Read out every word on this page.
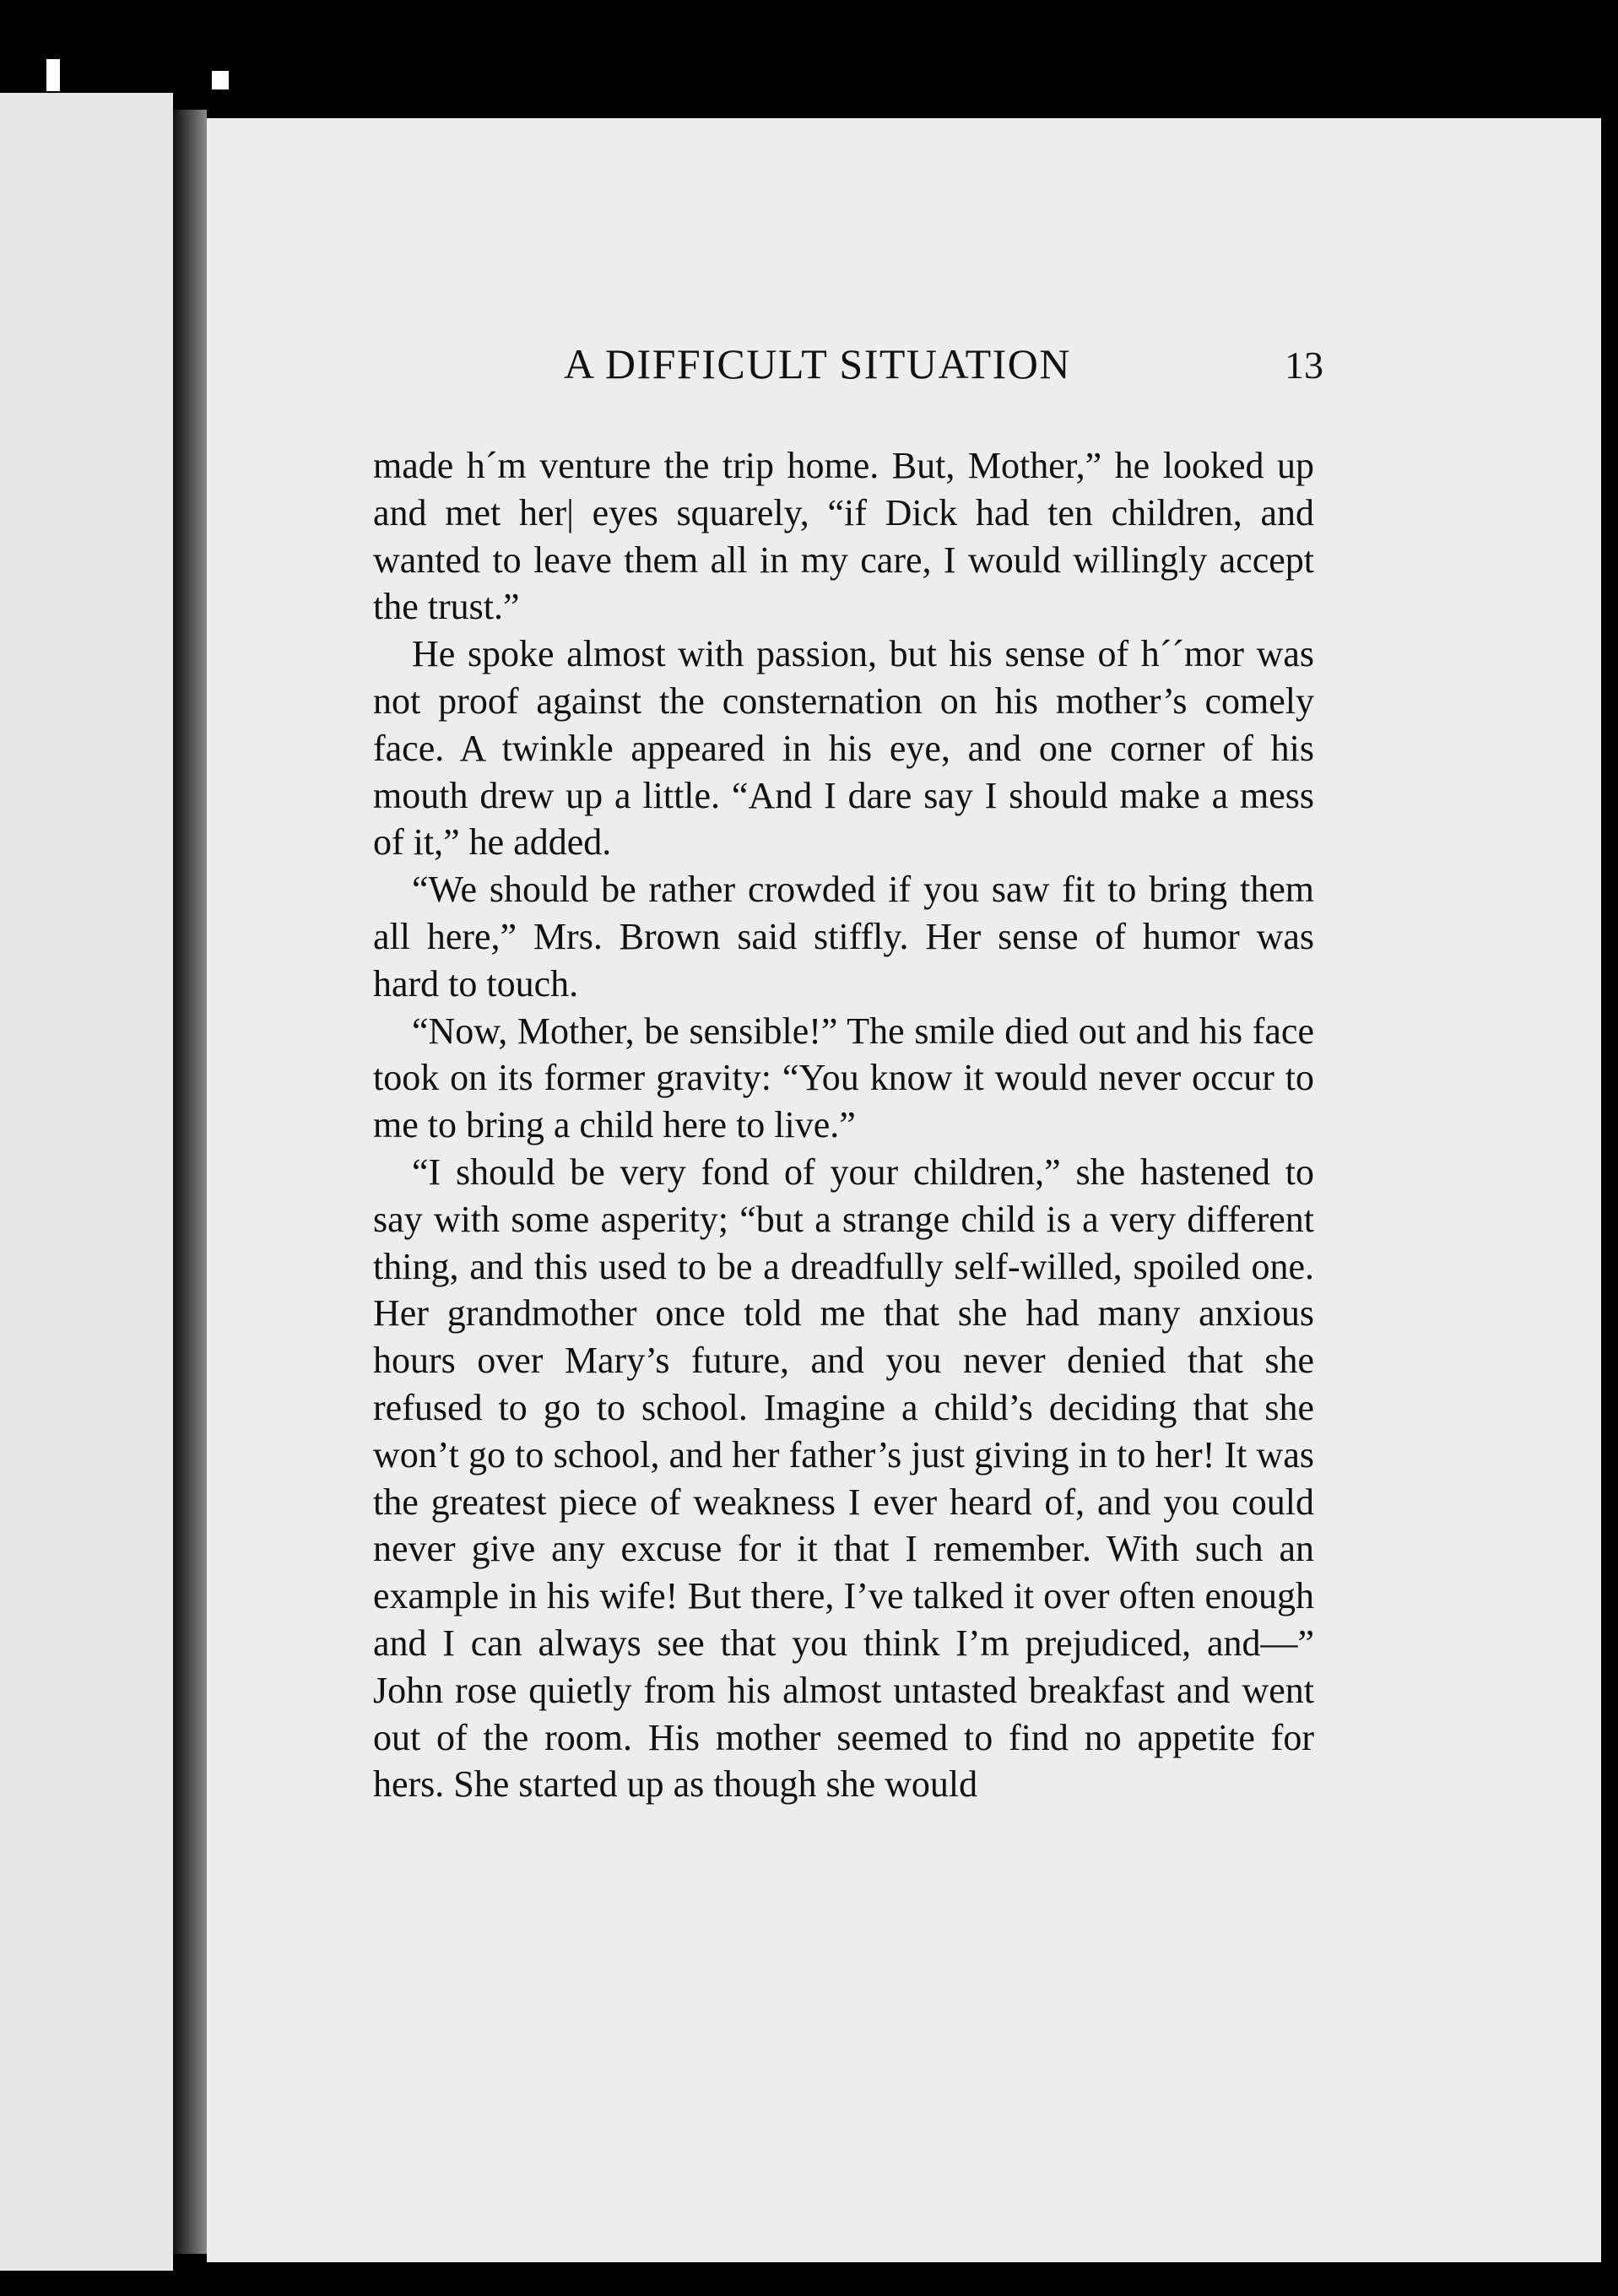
A DIFFICULT SITUATION	13

made h´m venture the trip home. But, Mother,” he looked up and met her| eyes squarely, “if Dick had ten children, and wanted to leave them all in my care, I would willingly accept the trust.”

He spoke almost with passion, but his sense of h´´mor was not proof against the consternation on his mother’s comely face. A twinkle appeared in his eye, and one corner of his mouth drew up a little. “And I dare say I should make a mess of it,” he added.

“We should be rather crowded if you saw fit to bring them all here,” Mrs. Brown said stiffly. Her sense of humor was hard to touch.

“Now, Mother, be sensible!” The smile died out and his face took on its former gravity: “You know it would never occur to me to bring a child here to live.”

“I should be very fond of your children,” she hastened to say with some asperity; “but a strange child is a very different thing, and this used to be a dreadfully self-willed, spoiled one. Her grandmother once told me that she had many anxious hours over Mary’s future, and you never denied that she refused to go to school. Imagine a child’s deciding that she won’t go to school, and her father’s just giving in to her! It was the greatest piece of weakness I ever heard of, and you could never give any excuse for it that I remember. With such an example in his wife! But there, I’ve talked it over often enough and I can always see that you think I’m prejudiced, and—” John rose quietly from his almost untasted breakfast and went out of the room. His mother seemed to find no appetite for hers. She started up as though she would
